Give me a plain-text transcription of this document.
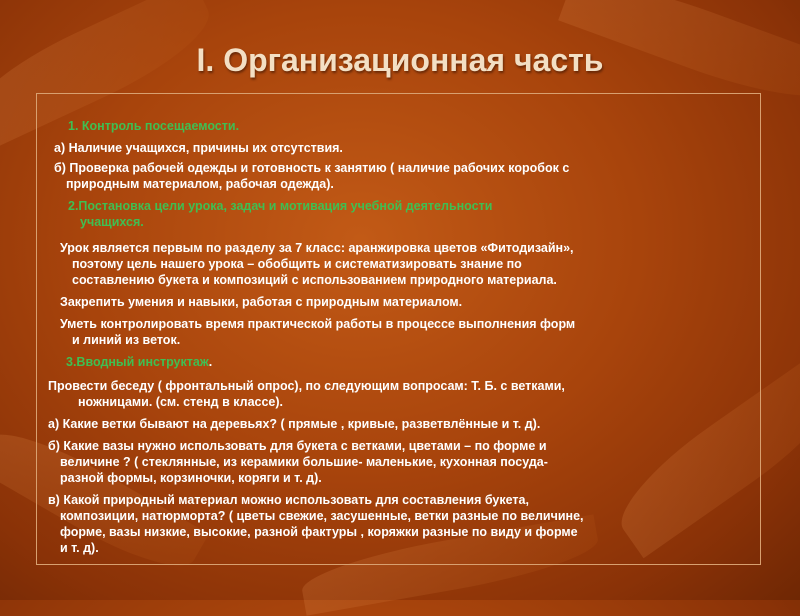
I. Организационная часть

1. Контроль посещаемости.

а) Наличие учащихся, причины их отсутствия.

б) Проверка рабочей одежды и готовность к занятию ( наличие рабочих коробок с

природным материалом, рабочая одежда).

2.Постановка цели урока, задач и мотивация учебной деятельности

учащихся.

Урок является первым по разделу за 7 класс: аранжировка цветов «Фитодизайн»,

поэтому цель нашего урока – обобщить и систематизировать знание по

составлению букета и композиций с использованием природного материала.

Закрепить умения и навыки, работая с природным материалом.

Уметь контролировать время практической работы в процессе выполнения форм

и линий из веток.

3.Вводный инструктаж.

Провести беседу ( фронтальный опрос), по следующим вопросам: Т. Б. с ветками,

ножницами. (см. стенд в классе).

а) Какие ветки бывают на деревьях? ( прямые , кривые, разветвлённые и т. д).

б) Какие вазы нужно использовать для букета с ветками, цветами – по форме и

величине ? ( стеклянные, из керамики большие- маленькие, кухонная посуда-

разной формы, корзиночки, коряги и т. д).

в) Какой природный материал можно использовать для составления букета,

композиции, натюрморта? ( цветы свежие, засушенные, ветки разные по величине,

форме, вазы низкие, высокие, разной фактуры , коряжки разные по виду и форме

и т. д).
